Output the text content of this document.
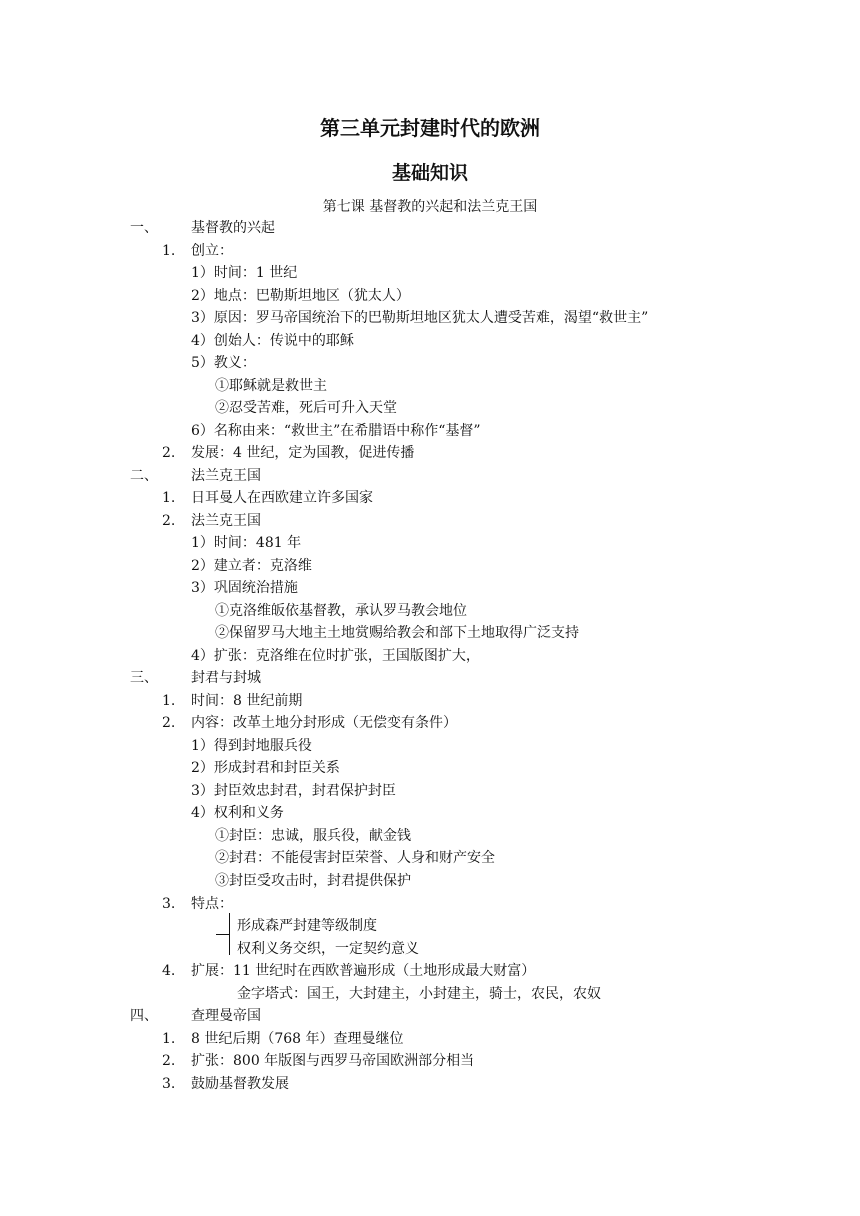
第三单元封建时代的欧洲
基础知识
第七课 基督教的兴起和法兰克王国
一、 基督教的兴起
1. 创立：
1）时间：1 世纪
2）地点：巴勒斯坦地区（犹太人）
3）原因：罗马帝国统治下的巴勒斯坦地区犹太人遭受苦难，渴望“救世主”
4）创始人：传说中的耶稣
5）教义：
①耶稣就是救世主
②忍受苦难，死后可升入天堂
6）名称由来：“救世主”在希腊语中称作“基督”
2. 发展：4 世纪，定为国教，促进传播
二、 法兰克王国
1. 日耳曼人在西欧建立许多国家
2. 法兰克王国
1）时间：481 年
2）建立者：克洛维
3）巩固统治措施
①克洛维皈依基督教，承认罗马教会地位
②保留罗马大地主土地赏赐给教会和部下土地取得广泛支持
4）扩张：克洛维在位时扩张，王国版图扩大，
三、 封君与封城
1. 时间：8 世纪前期
2. 内容：改革土地分封形成（无偿变有条件）
1）得到封地服兵役
2）形成封君和封臣关系
3）封臣效忠封君，封君保护封臣
4）权利和义务
①封臣：忠诚，服兵役，献金钱
②封君：不能侵害封臣荣誉、人身和财产安全
③封臣受攻击时，封君提供保护
3. 特点：
形成森严封建等级制度
权利义务交织，一定契约意义
4. 扩展：11 世纪时在西欧普遍形成（土地形成最大财富）
金字塔式：国王，大封建主，小封建主，骑士，农民，农奴
四、 查理曼帝国
1. 8 世纪后期（768 年）查理曼继位
2. 扩张：800 年版图与西罗马帝国欧洲部分相当
3. 鼓励基督教发展
